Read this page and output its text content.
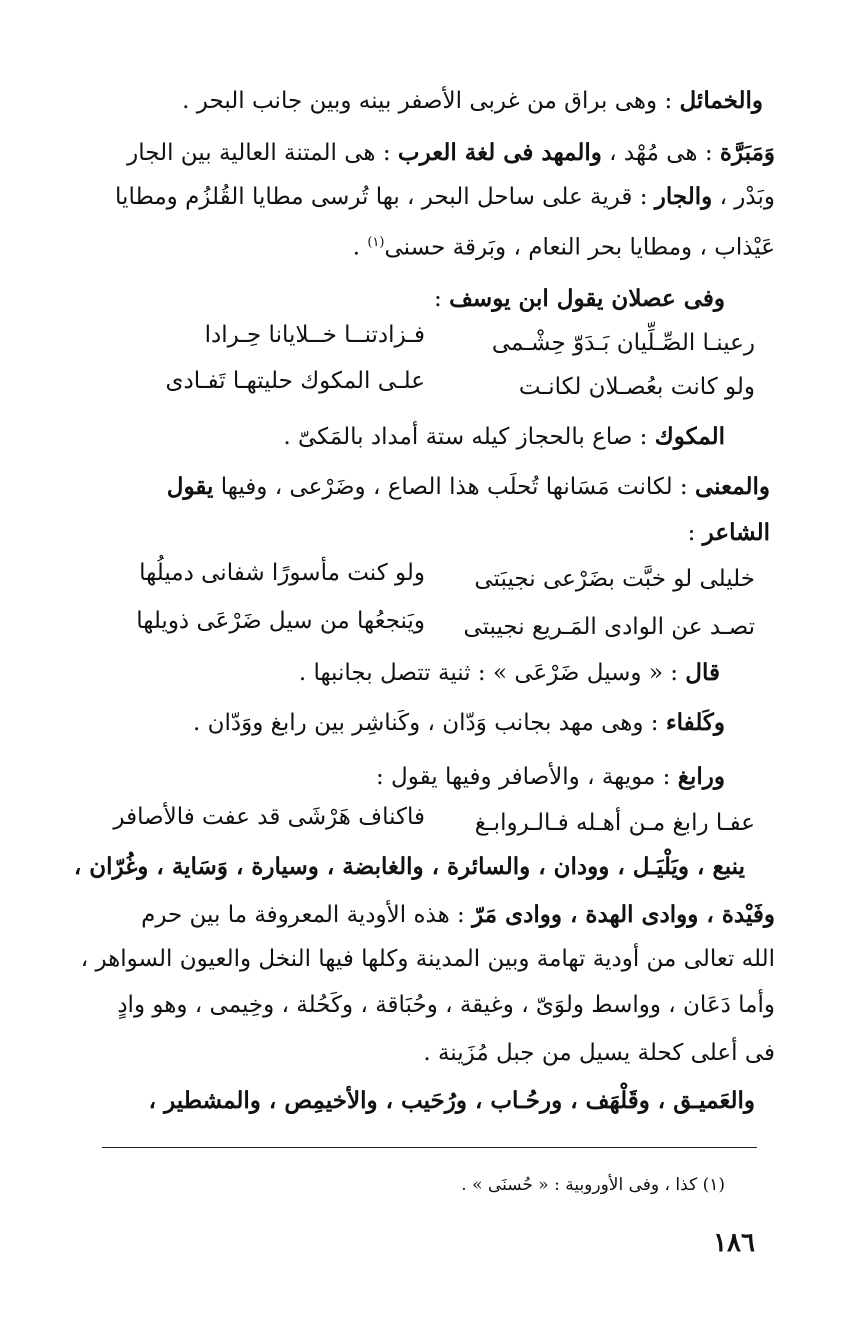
والخمائل : وهى براق من غربى الأصفر بينه وبين جانب البحر .
وَمَبَرَّة : هى مُهْد ، والمهد فى لغة العرب : هى المتنة العالية بين الجار
وبَدْر ، والجار : قرية على ساحل البحر ، بها تُرسى مطايا القُلزُم ومطايا
عَيْذاب ، ومطايا بحر النعام ، وبَرقة حسنى$^{(١)}$ .
وفى عصلان يقول ابن يوسف :
رعينـا الصِّـلِّيان بَـدَوّ حِشْـمى
فـزادتنــا خــلايانا حِـرادا
ولو كانت بعُصـلان لكانـت
علـى المكوك حليتهـا تَفـادى
المكوك : صاع بالحجاز كيله ستة أمداد بالمَكىّ .
والمعنى : لكانت مَسَانها تُحلَب هذا الصاع ، وضَرْعى ، وفيها يقول
الشاعر :
خليلى لو خبَّت بضَرْعى نجيبَتى
ولو كنت مأسورًا شفانى دميلُها
تصـد عن الوادى المَـريع نجيبتى
ويَنجعُها من سيل ضَرْعَى ذويلها
قال : « وسيل ضَرْعَى » : ثنية تتصل بجانبها .
وكَلفاء : وهى مهد بجانب وَدّان ، وكَناشِر بين رابغ ووَدّان .
ورابغ : مويهة ، والأصافر وفيها يقول :
عفـا رابغ مـن أهـله فـالـروابـغ
فاكناف هَرْشَى قد عفت فالأصافر
ينبع ، ويَلْيَـل ، وودان ، والسائرة ، والغابضة ، وسيارة ، وَسَاية ، وغُرّان ،
وفَيْدة ، ووادى الهدة ، ووادى مَرّ : هذه الأودية المعروفة ما بين حرم
الله تعالى من أودية تهامة وبين المدينة وكلها فيها النخل والعيون السواهر ،
وأما دَعَان ، وواسط ولوَىّ ، وغيقة ، وحُبَاقة ، وكَحُلة ، وخِيمى ، وهو وادٍ
فى أعلى كحلة يسيل من جبل مُزَينة .
والعَميـق ، وقَلْهَف ، ورحُـاب ، ورُحَيب ، والأخيمِص ، والمشطير ،
(١) كذا ، وفى الأوروبية : « حُسنَى » .
١٨٦
